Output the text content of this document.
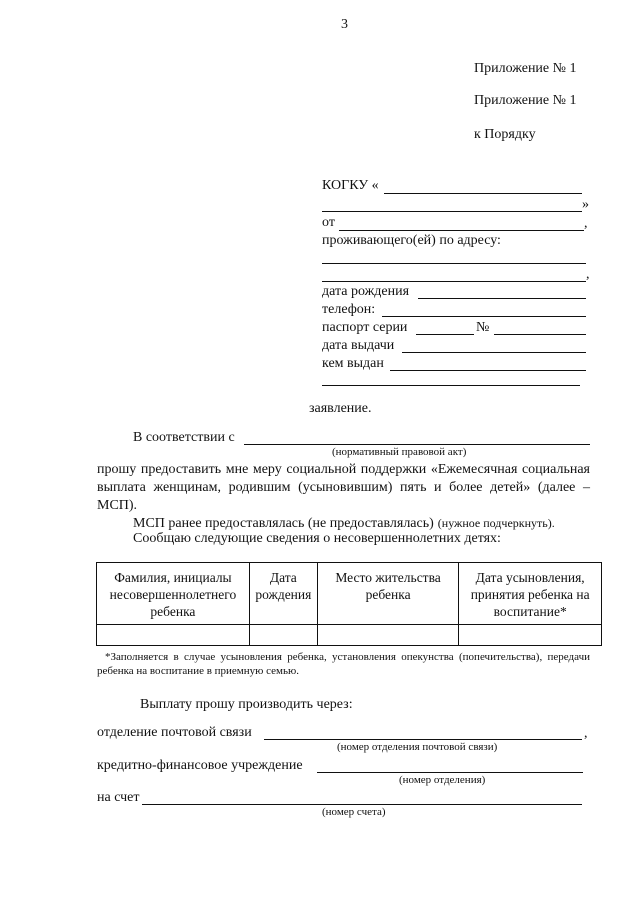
3
Приложение № 1
Приложение № 1
к Порядку
КОГКУ «
»
от	,
проживающего(ей) по адресу:
,
дата рождения
телефон:
паспорт серии	№
дата выдачи
кем выдан
заявление.
В соответствии с
(нормативный правовой акт)
прошу предоставить мне меру социальной поддержки «Ежемесячная социальная выплата женщинам, родившим (усыновившим) пять и более детей» (далее – МСП).
МСП ранее предоставлялась (не предоставлялась) (нужное подчеркнуть).
Сообщаю следующие сведения о несовершеннолетних детях:
Фамилия, инициалы несовершеннолетнего ребенка	Дата рождения	Место жительства ребенка	Дата усыновления, принятия ребенка на воспитание*

*Заполняется в случае усыновления ребенка, установления опекунства (попечительства), передачи ребенка на воспитание в приемную семью.
Выплату прошу производить через:
отделение почтовой связи	,
(номер отделения почтовой связи)
кредитно-финансовое учреждение
(номер отделения)
на счет
(номер счета)
